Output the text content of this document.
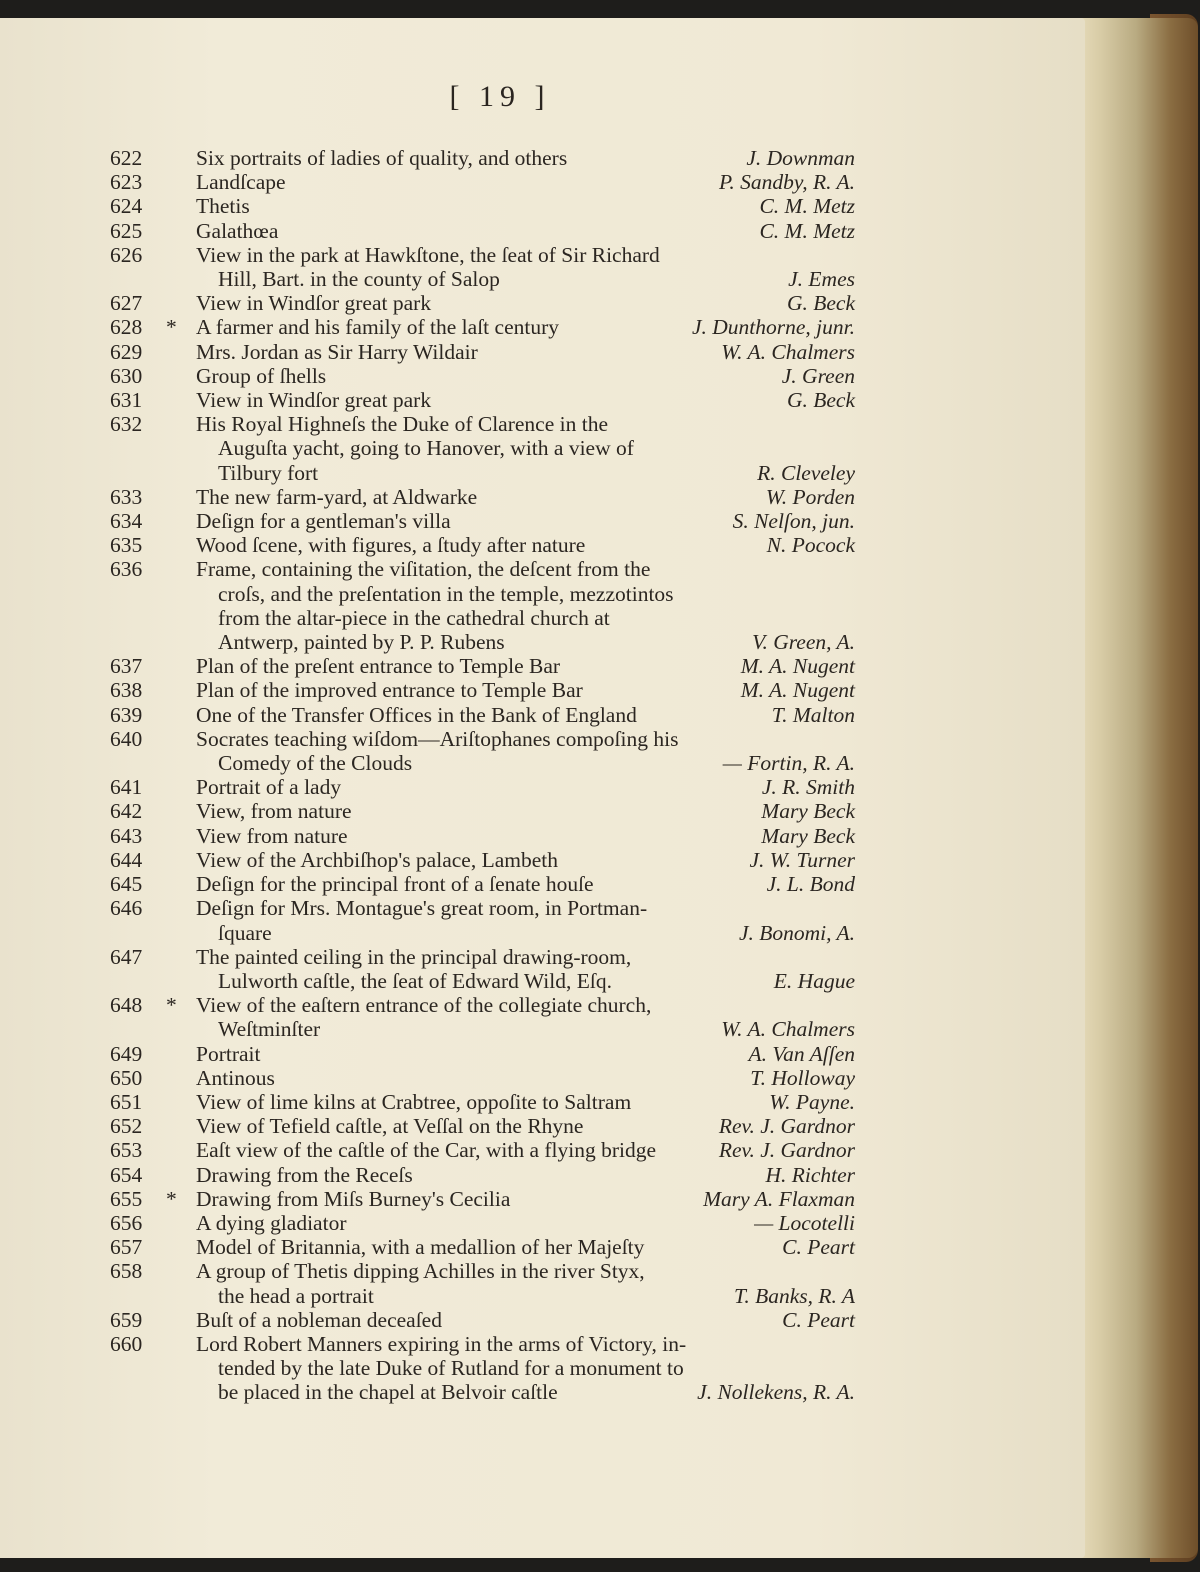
[ 19 ]
622	Six portraits of ladies of quality, and others	J. Downman
623	Landſcape	P. Sandby, R. A.
624	Thetis	C. M. Metz
625	Galathœa	C. M. Metz
626	View in the park at Hawkſtone, the ſeat of Sir Richard
Hill, Bart. in the county of Salop	J. Emes
627	View in Windſor great park	G. Beck
628	* A farmer and his family of the laſt century	J. Dunthorne, junr.
629	Mrs. Jordan as Sir Harry Wildair	W. A. Chalmers
630	Group of ſhells	J. Green
631	View in Windſor great park	G. Beck
632	His Royal Highneſs the Duke of Clarence in the
Auguſta yacht, going to Hanover, with a view of
Tilbury fort	R. Cleveley
633	The new farm-yard, at Aldwarke	W. Porden
634	Deſign for a gentleman's villa	S. Nelſon, jun.
635	Wood ſcene, with figures, a ſtudy after nature	N. Pocock
636	Frame, containing the viſitation, the deſcent from the
croſs, and the preſentation in the temple, mezzotintos
from the altar-piece in the cathedral church at
Antwerp, painted by P. P. Rubens	V. Green, A.
637	Plan of the preſent entrance to Temple Bar	M. A. Nugent
638	Plan of the improved entrance to Temple Bar	M. A. Nugent
639	One of the Transfer Offices in the Bank of England	T. Malton
640	Socrates teaching wiſdom—Ariſtophanes compoſing his
Comedy of the Clouds	— Fortin, R. A.
641	Portrait of a lady	J. R. Smith
642	View, from nature	Mary Beck
643	View from nature	Mary Beck
644	View of the Archbiſhop's palace, Lambeth	J. W. Turner
645	Deſign for the principal front of a ſenate houſe	J. L. Bond
646	Deſign for Mrs. Montague's great room, in Portman-
ſquare	J. Bonomi, A.
647	The painted ceiling in the principal drawing-room,
Lulworth caſtle, the ſeat of Edward Wild, Eſq.	E. Hague
648	* View of the eaſtern entrance of the collegiate church,
Weſtminſter	W. A. Chalmers
649	Portrait	A. Van Aſſen
650	Antinous	T. Holloway
651	View of lime kilns at Crabtree, oppoſite to Saltram	W. Payne.
652	View of Tefield caſtle, at Veſſal on the Rhyne	Rev. J. Gardnor
653	Eaſt view of the caſtle of the Car, with a flying bridge	Rev. J. Gardnor
654	Drawing from the Receſs	H. Richter
655	* Drawing from Miſs Burney's Cecilia	Mary A. Flaxman
656	A dying gladiator	— Locotelli
657	Model of Britannia, with a medallion of her Majeſty	C. Peart
658	A group of Thetis dipping Achilles in the river Styx,
the head a portrait	T. Banks, R. A
659	Buſt of a nobleman deceaſed	C. Peart
660	Lord Robert Manners expiring in the arms of Victory, in-
tended by the late Duke of Rutland for a monument to
be placed in the chapel at Belvoir caſtle	J. Nollekens, R. A.
